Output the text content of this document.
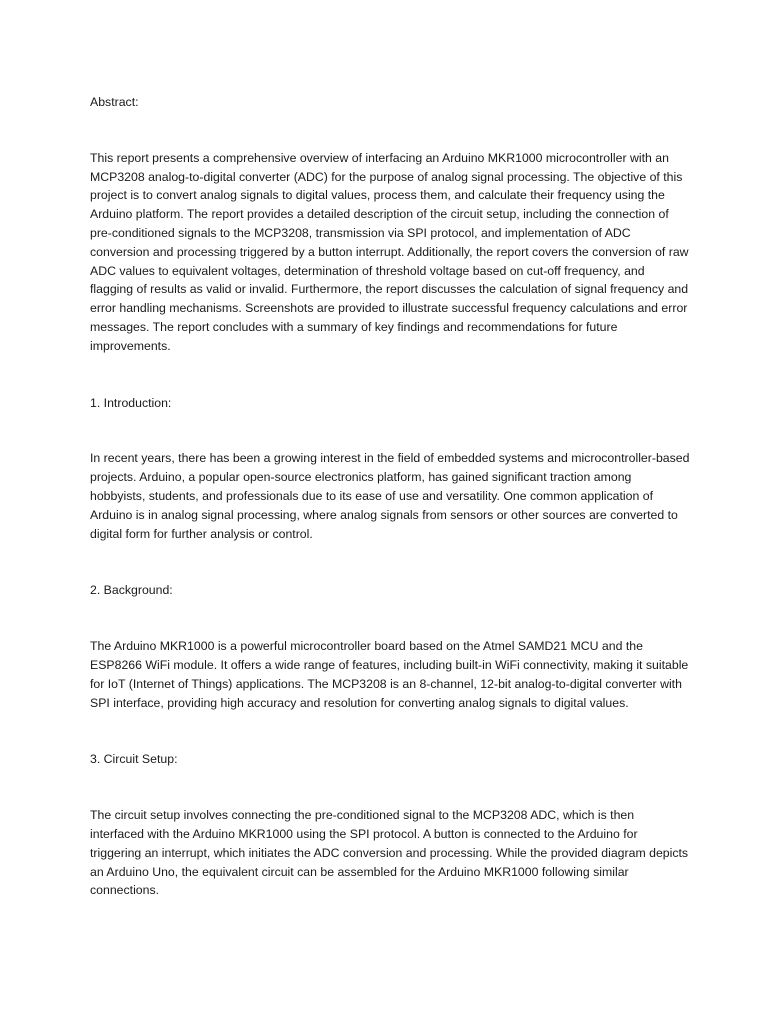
Abstract:

This report presents a comprehensive overview of interfacing an Arduino MKR1000 microcontroller with an MCP3208 analog-to-digital converter (ADC) for the purpose of analog signal processing. The objective of this project is to convert analog signals to digital values, process them, and calculate their frequency using the Arduino platform. The report provides a detailed description of the circuit setup, including the connection of pre-conditioned signals to the MCP3208, transmission via SPI protocol, and implementation of ADC conversion and processing triggered by a button interrupt. Additionally, the report covers the conversion of raw ADC values to equivalent voltages, determination of threshold voltage based on cut-off frequency, and flagging of results as valid or invalid. Furthermore, the report discusses the calculation of signal frequency and error handling mechanisms. Screenshots are provided to illustrate successful frequency calculations and error messages. The report concludes with a summary of key findings and recommendations for future improvements.

1. Introduction:

In recent years, there has been a growing interest in the field of embedded systems and microcontroller-based projects. Arduino, a popular open-source electronics platform, has gained significant traction among hobbyists, students, and professionals due to its ease of use and versatility. One common application of Arduino is in analog signal processing, where analog signals from sensors or other sources are converted to digital form for further analysis or control.

2. Background:

The Arduino MKR1000 is a powerful microcontroller board based on the Atmel SAMD21 MCU and the ESP8266 WiFi module. It offers a wide range of features, including built-in WiFi connectivity, making it suitable for IoT (Internet of Things) applications. The MCP3208 is an 8-channel, 12-bit analog-to-digital converter with SPI interface, providing high accuracy and resolution for converting analog signals to digital values.

3. Circuit Setup:

The circuit setup involves connecting the pre-conditioned signal to the MCP3208 ADC, which is then interfaced with the Arduino MKR1000 using the SPI protocol. A button is connected to the Arduino for triggering an interrupt, which initiates the ADC conversion and processing. While the provided diagram depicts an Arduino Uno, the equivalent circuit can be assembled for the Arduino MKR1000 following similar connections.
